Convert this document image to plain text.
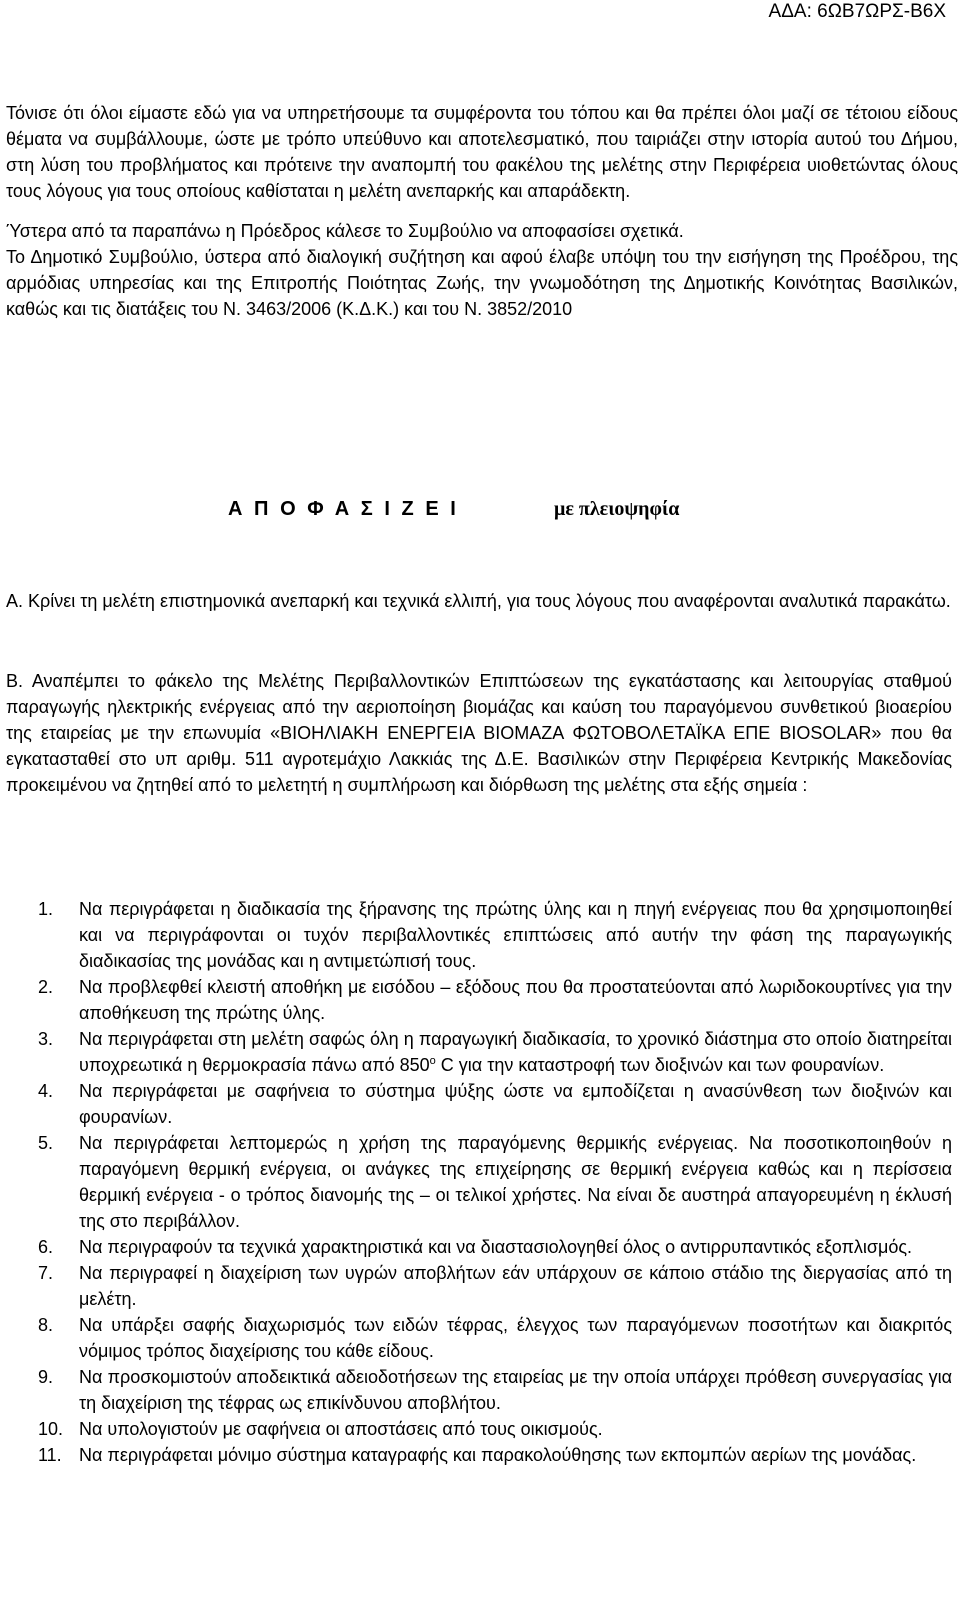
ΑΔΑ: 6ΩΒ7ΩΡΣ-Β6Χ

Τόνισε ότι όλοι είμαστε εδώ για να υπηρετήσουμε τα συμφέροντα του τόπου και θα πρέπει όλοι μαζί σε τέτοιου είδους θέματα να συμβάλλουμε, ώστε με τρόπο υπεύθυνο και αποτελεσματικό, που ταιριάζει στην ιστορία αυτού του Δήμου, στη λύση του προβλήματος και πρότεινε την αναπομπή του φακέλου της μελέτης στην Περιφέρεια υιοθετώντας όλους τους λόγους για τους οποίους καθίσταται η μελέτη ανεπαρκής και απαράδεκτη.

Ύστερα από τα παραπάνω η Πρόεδρος κάλεσε το Συμβούλιο να αποφασίσει σχετικά.

Το Δημοτικό Συμβούλιο, ύστερα από διαλογική συζήτηση και αφού έλαβε υπόψη του την εισήγηση της Προέδρου, της αρμόδιας υπηρεσίας και της Επιτροπής Ποιότητας Ζωής, την γνωμοδότηση της Δημοτικής Κοινότητας Βασιλικών, καθώς και τις διατάξεις του Ν. 3463/2006 (Κ.Δ.Κ.) και του Ν. 3852/2010

ΑΠΟΦΑΣΙΖΕΙ	με πλειοψηφία

Α. Κρίνει τη μελέτη επιστημονικά ανεπαρκή και τεχνικά ελλιπή, για τους λόγους που αναφέρονται αναλυτικά παρακάτω.

Β. Αναπέμπει το φάκελο της Μελέτης Περιβαλλοντικών Επιπτώσεων της εγκατάστασης και λειτουργίας σταθμού παραγωγής ηλεκτρικής ενέργειας από την αεριοποίηση βιομάζας και καύση του παραγόμενου συνθετικού βιοαερίου της εταιρείας με την επωνυμία «ΒΙΟΗΛΙΑΚΗ ΕΝΕΡΓΕΙΑ ΒΙΟΜΑΖΑ ΦΩΤΟΒΟΛΕΤΑΪΚΑ ΕΠΕ BIOSOLAR» που θα εγκατασταθεί στο υπ αριθμ. 511 αγροτεμάχιο Λακκιάς της Δ.Ε. Βασιλικών στην Περιφέρεια Κεντρικής Μακεδονίας προκειμένου να ζητηθεί από το μελετητή η συμπλήρωση και διόρθωση της μελέτης στα εξής σημεία :

1.	Να περιγράφεται η διαδικασία της ξήρανσης της πρώτης ύλης και η πηγή ενέργειας που θα χρησιμοποιηθεί και να περιγράφονται οι τυχόν περιβαλλοντικές επιπτώσεις από αυτήν την φάση της παραγωγικής διαδικασίας της μονάδας και η αντιμετώπισή τους.
2.	Να προβλεφθεί κλειστή αποθήκη με εισόδου – εξόδους που θα προστατεύονται από λωριδοκουρτίνες για την αποθήκευση της πρώτης ύλης.
3.	Να περιγράφεται στη μελέτη σαφώς όλη η παραγωγική διαδικασία, το χρονικό διάστημα στο οποίο διατηρείται υποχρεωτικά η θερμοκρασία πάνω από $850^o$ C για την καταστροφή των διοξινών και των φουρανίων.
4.	Να περιγράφεται με σαφήνεια το σύστημα ψύξης ώστε να εμποδίζεται η ανασύνθεση των διοξινών και φουρανίων.
5.	Να περιγράφεται λεπτομερώς η χρήση της παραγόμενης θερμικής ενέργειας. Να ποσοτικοποιηθούν η παραγόμενη θερμική ενέργεια, οι ανάγκες της επιχείρησης σε θερμική ενέργεια καθώς και η περίσσεια θερμική ενέργεια - ο τρόπος διανομής της – οι τελικοί χρήστες. Να είναι δε αυστηρά απαγορευμένη η έκλυσή της στο περιβάλλον.
6.	Να περιγραφούν τα τεχνικά χαρακτηριστικά και να διαστασιολογηθεί όλος ο αντιρρυπαντικός εξοπλισμός.
7.	Να περιγραφεί η διαχείριση των υγρών αποβλήτων εάν υπάρχουν σε κάποιο στάδιο της διεργασίας από τη μελέτη.
8.	Να υπάρξει σαφής διαχωρισμός των ειδών τέφρας, έλεγχος των παραγόμενων ποσοτήτων και διακριτός νόμιμος τρόπος διαχείρισης του κάθε είδους.
9.	Να προσκομιστούν αποδεικτικά αδειοδοτήσεων της εταιρείας με την οποία υπάρχει πρόθεση συνεργασίας για τη διαχείριση της τέφρας ως επικίνδυνου αποβλήτου.
10. Να υπολογιστούν με σαφήνεια οι αποστάσεις από τους οικισμούς.
11. Να περιγράφεται μόνιμο σύστημα καταγραφής και παρακολούθησης των εκπομπών αερίων της μονάδας.
